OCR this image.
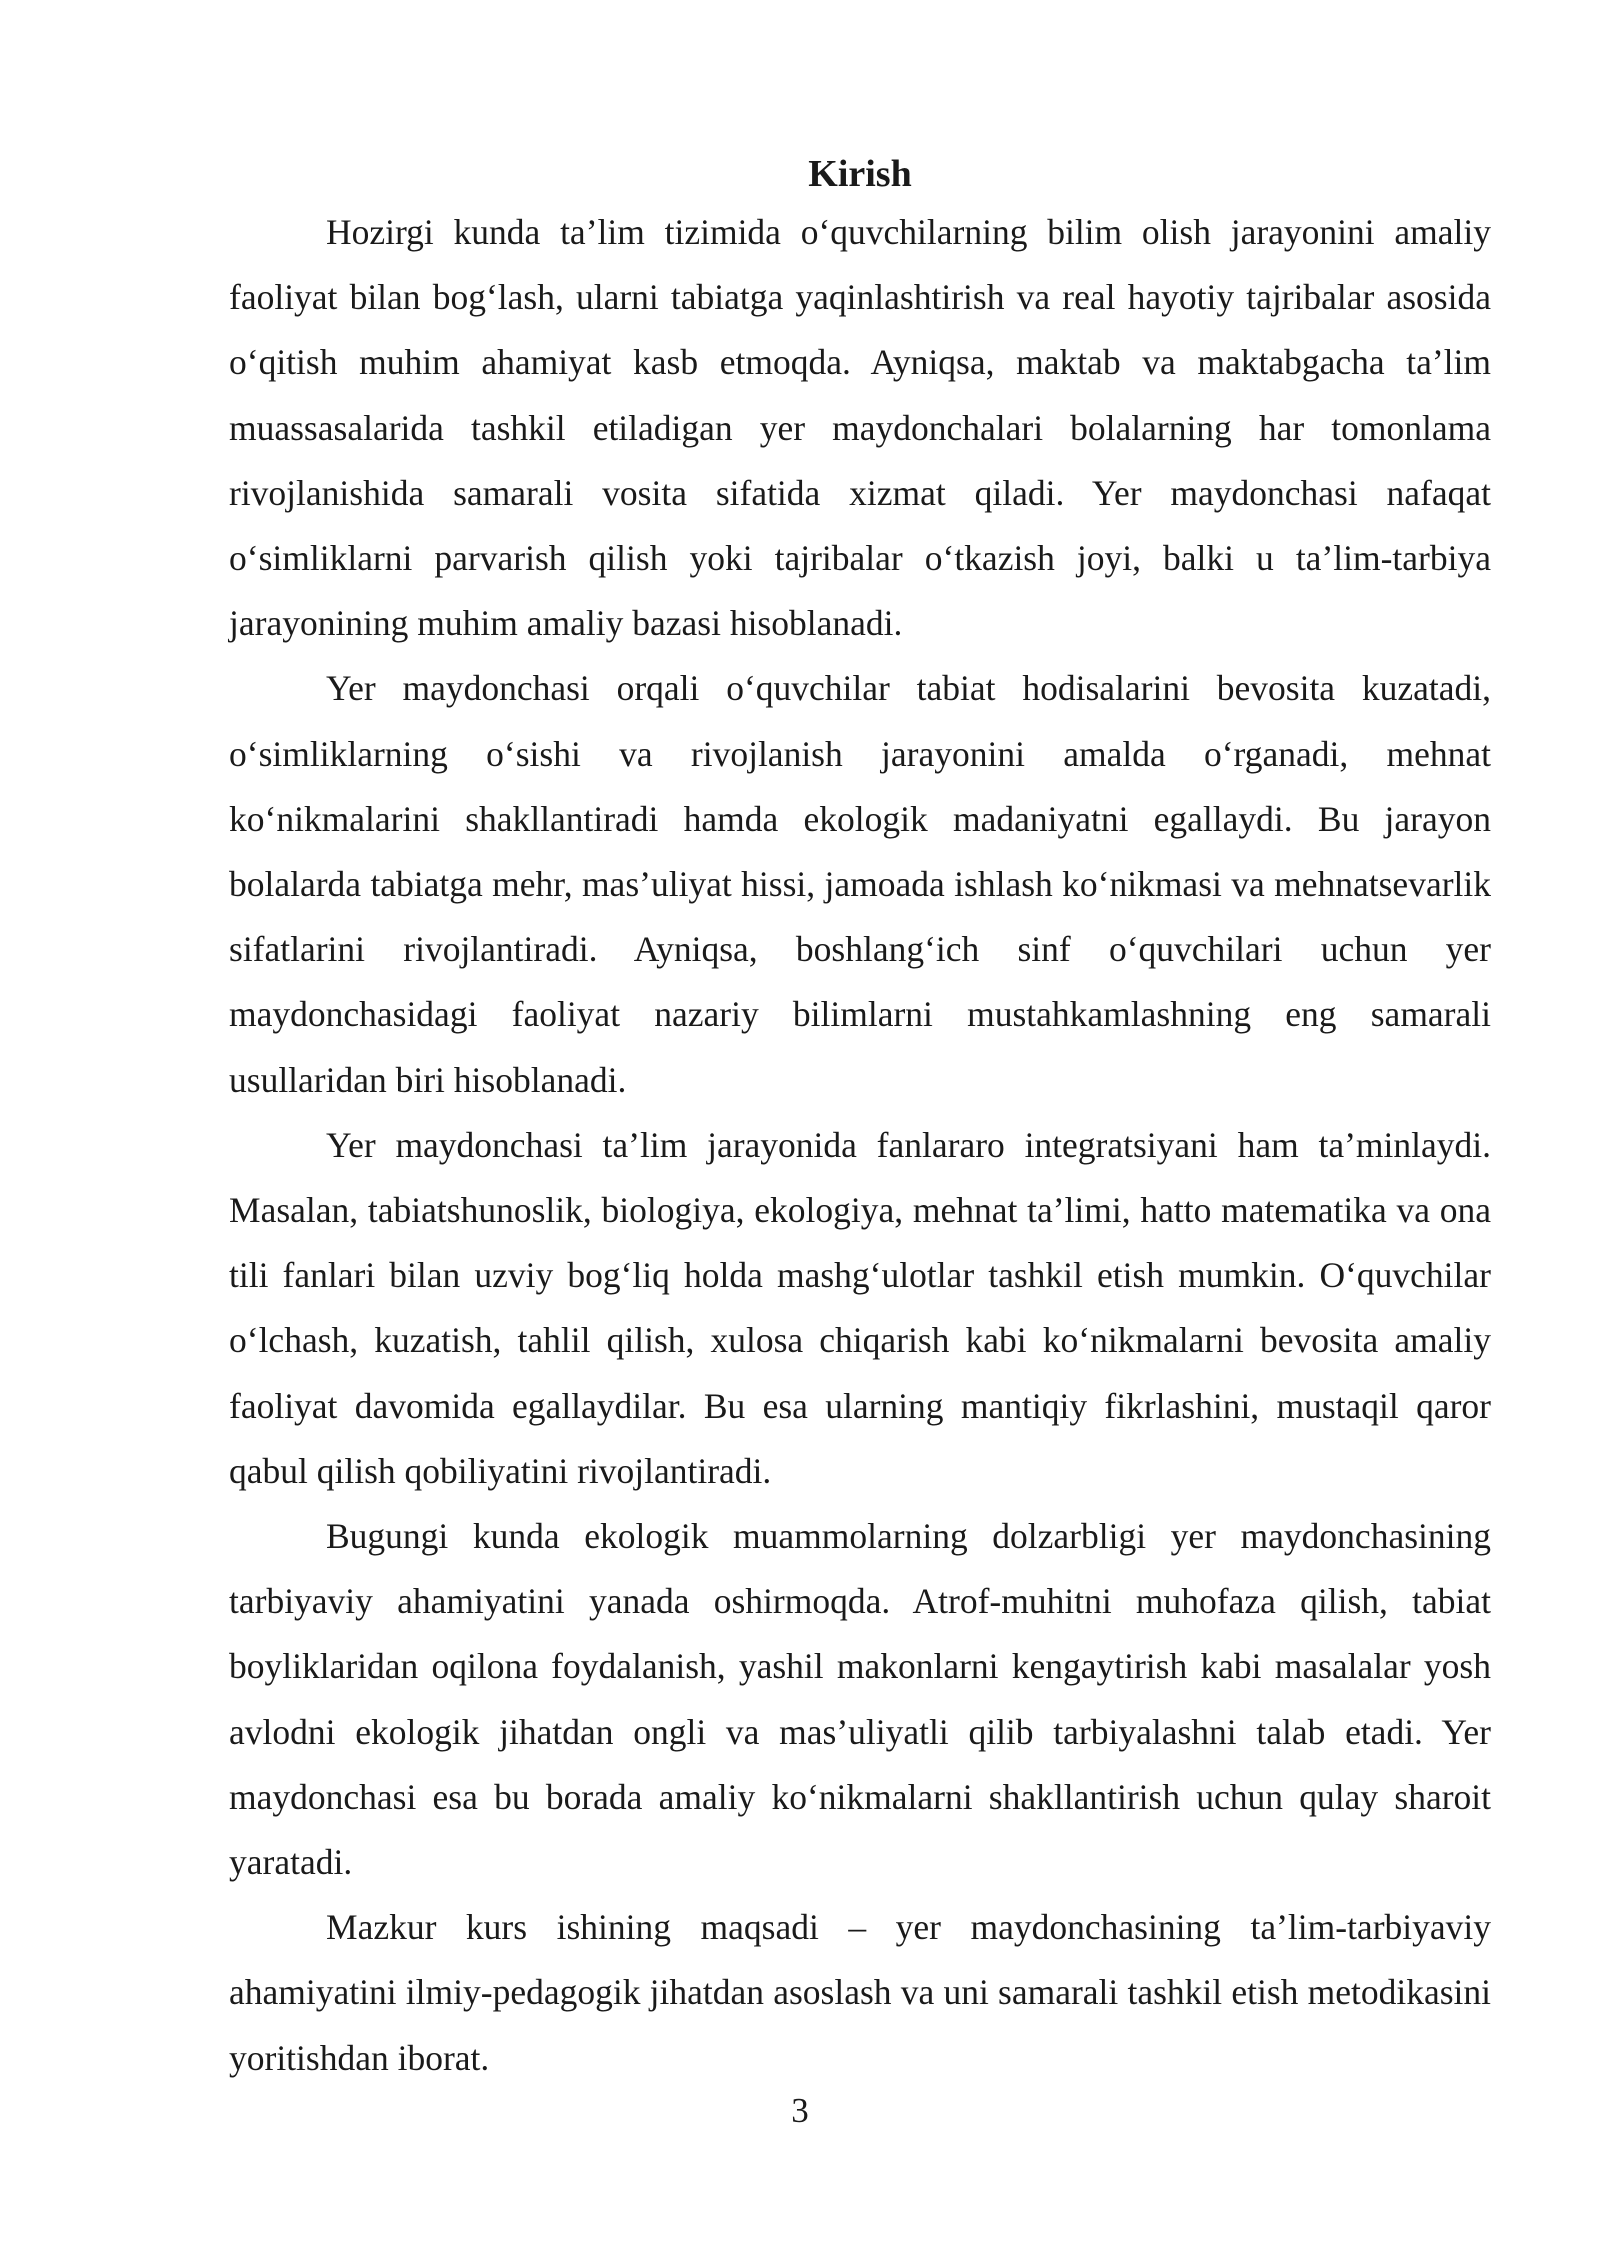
Kirish

Hozirgi kunda ta’lim tizimida o‘quvchilarning bilim olish jarayonini amaliy faoliyat bilan bog‘lash, ularni tabiatga yaqinlashtirish va real hayotiy tajribalar asosida o‘qitish muhim ahamiyat kasb etmoqda. Ayniqsa, maktab va maktabgacha ta’lim muassasalarida tashkil etiladigan yer maydonchalari bolalarning har tomonlama rivojlanishida samarali vosita sifatida xizmat qiladi. Yer maydonchasi nafaqat o‘simliklarni parvarish qilish yoki tajribalar o‘tkazish joyi, balki u ta’lim-tarbiya jarayonining muhim amaliy bazasi hisoblanadi.

Yer maydonchasi orqali o‘quvchilar tabiat hodisalarini bevosita kuzatadi, o‘simliklarning o‘sishi va rivojlanish jarayonini amalda o‘rganadi, mehnat ko‘nikmalarini shakllantiradi hamda ekologik madaniyatni egallaydi. Bu jarayon bolalarda tabiatga mehr, mas’uliyat hissi, jamoada ishlash ko‘nikmasi va mehnatsevarlik sifatlarini rivojlantiradi. Ayniqsa, boshlang‘ich sinf o‘quvchilari uchun yer maydonchasidagi faoliyat nazariy bilimlarni mustahkamlashning eng samarali usullaridan biri hisoblanadi.

Yer maydonchasi ta’lim jarayonida fanlararo integratsiyani ham ta’minlaydi. Masalan, tabiatshunoslik, biologiya, ekologiya, mehnat ta’limi, hatto matematika va ona tili fanlari bilan uzviy bog‘liq holda mashg‘ulotlar tashkil etish mumkin. O‘quvchilar o‘lchash, kuzatish, tahlil qilish, xulosa chiqarish kabi ko‘nikmalarni bevosita amaliy faoliyat davomida egallaydilar. Bu esa ularning mantiqiy fikrlashini, mustaqil qaror qabul qilish qobiliyatini rivojlantiradi.

Bugungi kunda ekologik muammolarning dolzarbligi yer maydonchasining tarbiyaviy ahamiyatini yanada oshirmoqda. Atrof-muhitni muhofaza qilish, tabiat boyliklaridan oqilona foydalanish, yashil makonlarni kengaytirish kabi masalalar yosh avlodni ekologik jihatdan ongli va mas’uliyatli qilib tarbiyalashni talab etadi. Yer maydonchasi esa bu borada amaliy ko‘nikmalarni shakllantirish uchun qulay sharoit yaratadi.

Mazkur kurs ishining maqsadi – yer maydonchasining ta’lim-tarbiyaviy ahamiyatini ilmiy-pedagogik jihatdan asoslash va uni samarali tashkil etish metodikasini yoritishdan iborat.

3
